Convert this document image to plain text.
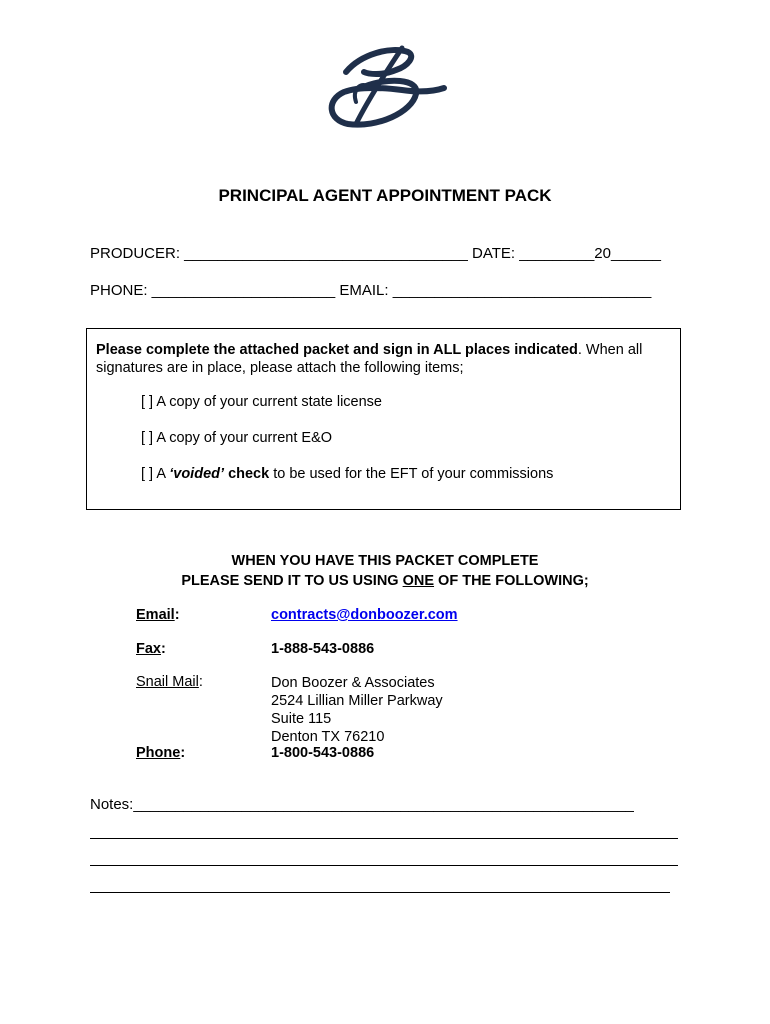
PRINCIPAL AGENT APPOINTMENT PACK
PRODUCER: __________________________________ DATE: _________20______
PHONE: ______________________ EMAIL: _______________________________
Please complete the attached packet and sign in ALL places indicated. When all signatures are in place, please attach the following items;
[ ] A copy of your current state license
[ ] A copy of your current E&O
[ ] A ‘voided’ check to be used for the EFT of your commissions
WHEN YOU HAVE THIS PACKET COMPLETE
PLEASE SEND IT TO US USING ONE OF THE FOLLOWING;
Email:	contracts@donboozer.com
Fax:	1-888-543-0886
Snail Mail:	Don Boozer & Associates
2524 Lillian Miller Parkway
Suite 115
Denton TX 76210
Phone:	1-800-543-0886
Notes:____________________________________________________________
